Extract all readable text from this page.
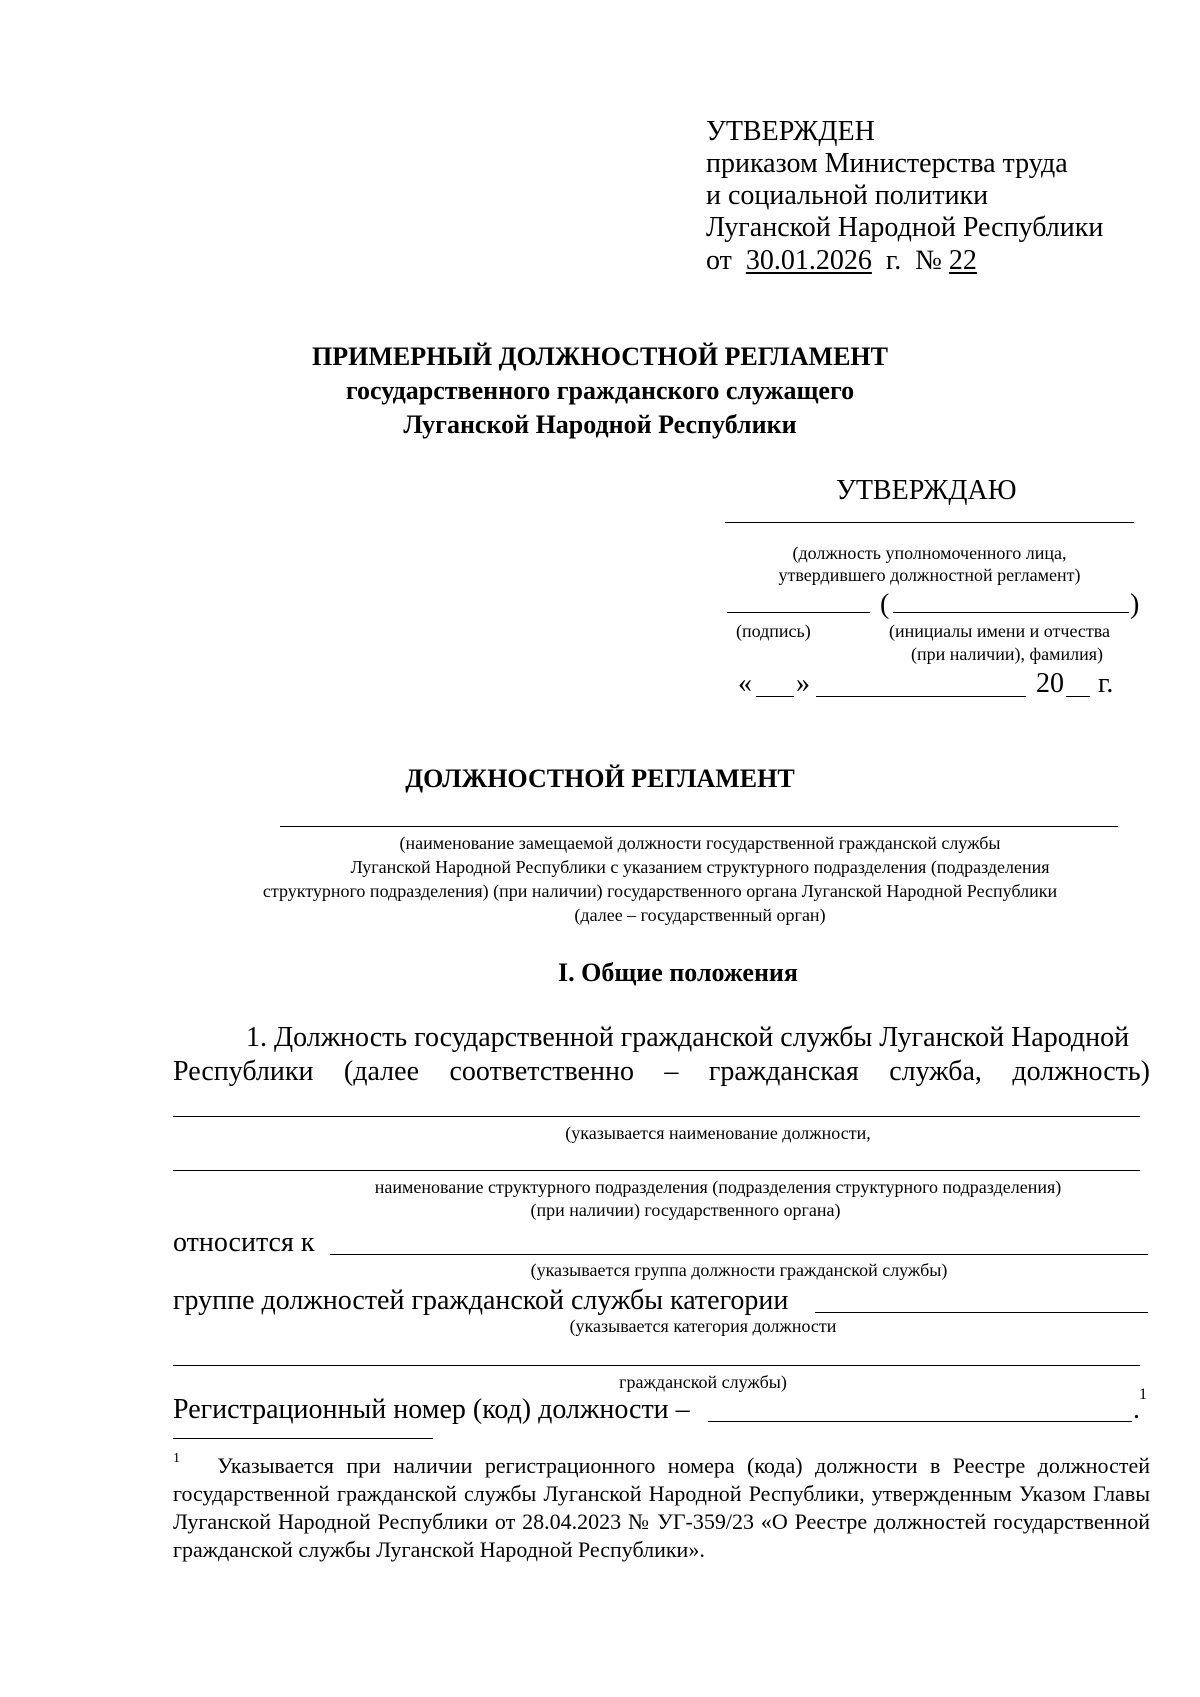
УТВЕРЖДЕН
приказом Министерства труда
и социальной политики
Луганской Народной Республики
от 30.01.2026 г. № 22
ПРИМЕРНЫЙ ДОЛЖНОСТНОЙ РЕГЛАМЕНТ
государственного гражданского служащего
Луганской Народной Республики
УТВЕРЖДАЮ
(должность уполномоченного лица,
утвердившего должностной регламент)
(	)
(подпись)	(инициалы имени и отчества
(при наличии), фамилия)
« »	20 г.
ДОЛЖНОСТНОЙ РЕГЛАМЕНТ
(наименование замещаемой должности государственной гражданской службы
Луганской Народной Республики с указанием структурного подразделения (подразделения
структурного подразделения) (при наличии) государственного органа Луганской Народной Республики
(далее – государственный орган)
I. Общие положения
1. Должность государственной гражданской службы Луганской Народной
Республики (далее соответственно – гражданская служба, должность)
(указывается наименование должности,
наименование структурного подразделения (подразделения структурного подразделения)
(при наличии) государственного органа)
относится к
(указывается группа должности гражданской службы)
группе должностей гражданской службы категории
(указывается категория должности
гражданской службы)
Регистрационный номер (код) должности –	. 1
$^1$ Указывается при наличии регистрационного номера (кода) должности в Реестре должностей государственной гражданской службы Луганской Народной Республики, утвержденным Указом Главы Луганской Народной Республики от 28.04.2023 № УГ-359/23 «О Реестре должностей государственной гражданской службы Луганской Народной Республики».
